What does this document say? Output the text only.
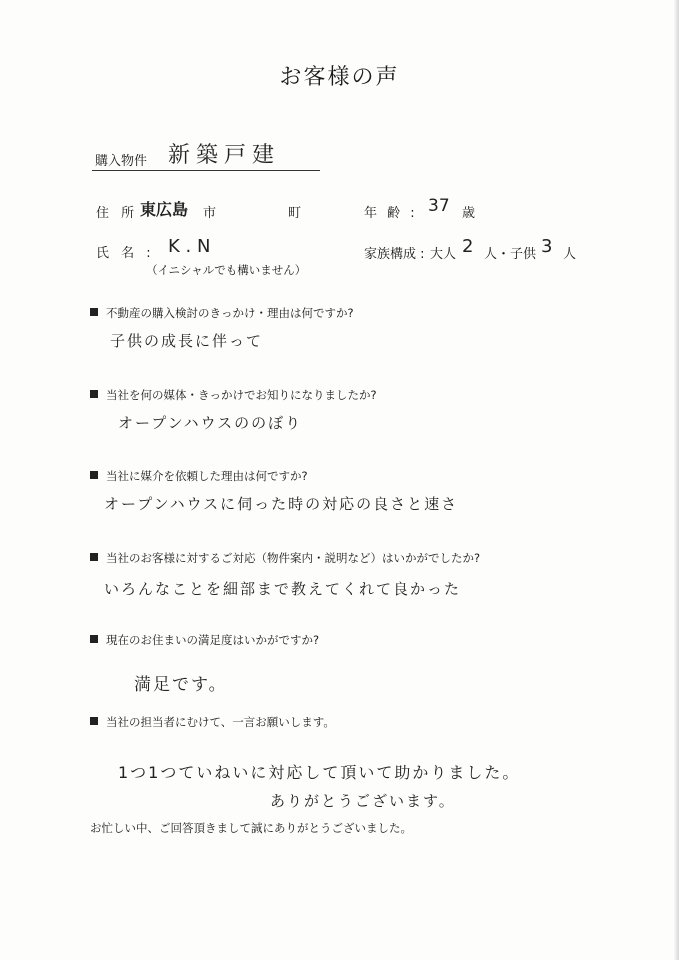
お客様の声
購入物件 新築戸建
住 所 東広島 市	町	年 齢 : 37 歳
氏 名 : K . N
（イニシャルでも構いません）
家族構成 : 大人 2 人・ 子供 3 人
不動産の購入検討のきっかけ・理由は何ですか?
子供の成長に伴って
当社を何の媒体・きっかけでお知りになりましたか?
オープンハウスののぼり
当社に媒介を依頼した理由は何ですか?
オープンハウスに伺った時の対応の良さと速さ
当社のお客様に対するご対応（物件案内・説明など）はいかがでしたか?
いろんなことを細部まで教えてくれて良かった
現在のお住まいの満足度はいかがですか?
満足です。
当社の担当者にむけて、一言お願いします。
1つ1つていねいに対応して頂いて助かりました。
ありがとうございます。
お忙しい中、ご回答頂きまして誠にありがとうございました。
